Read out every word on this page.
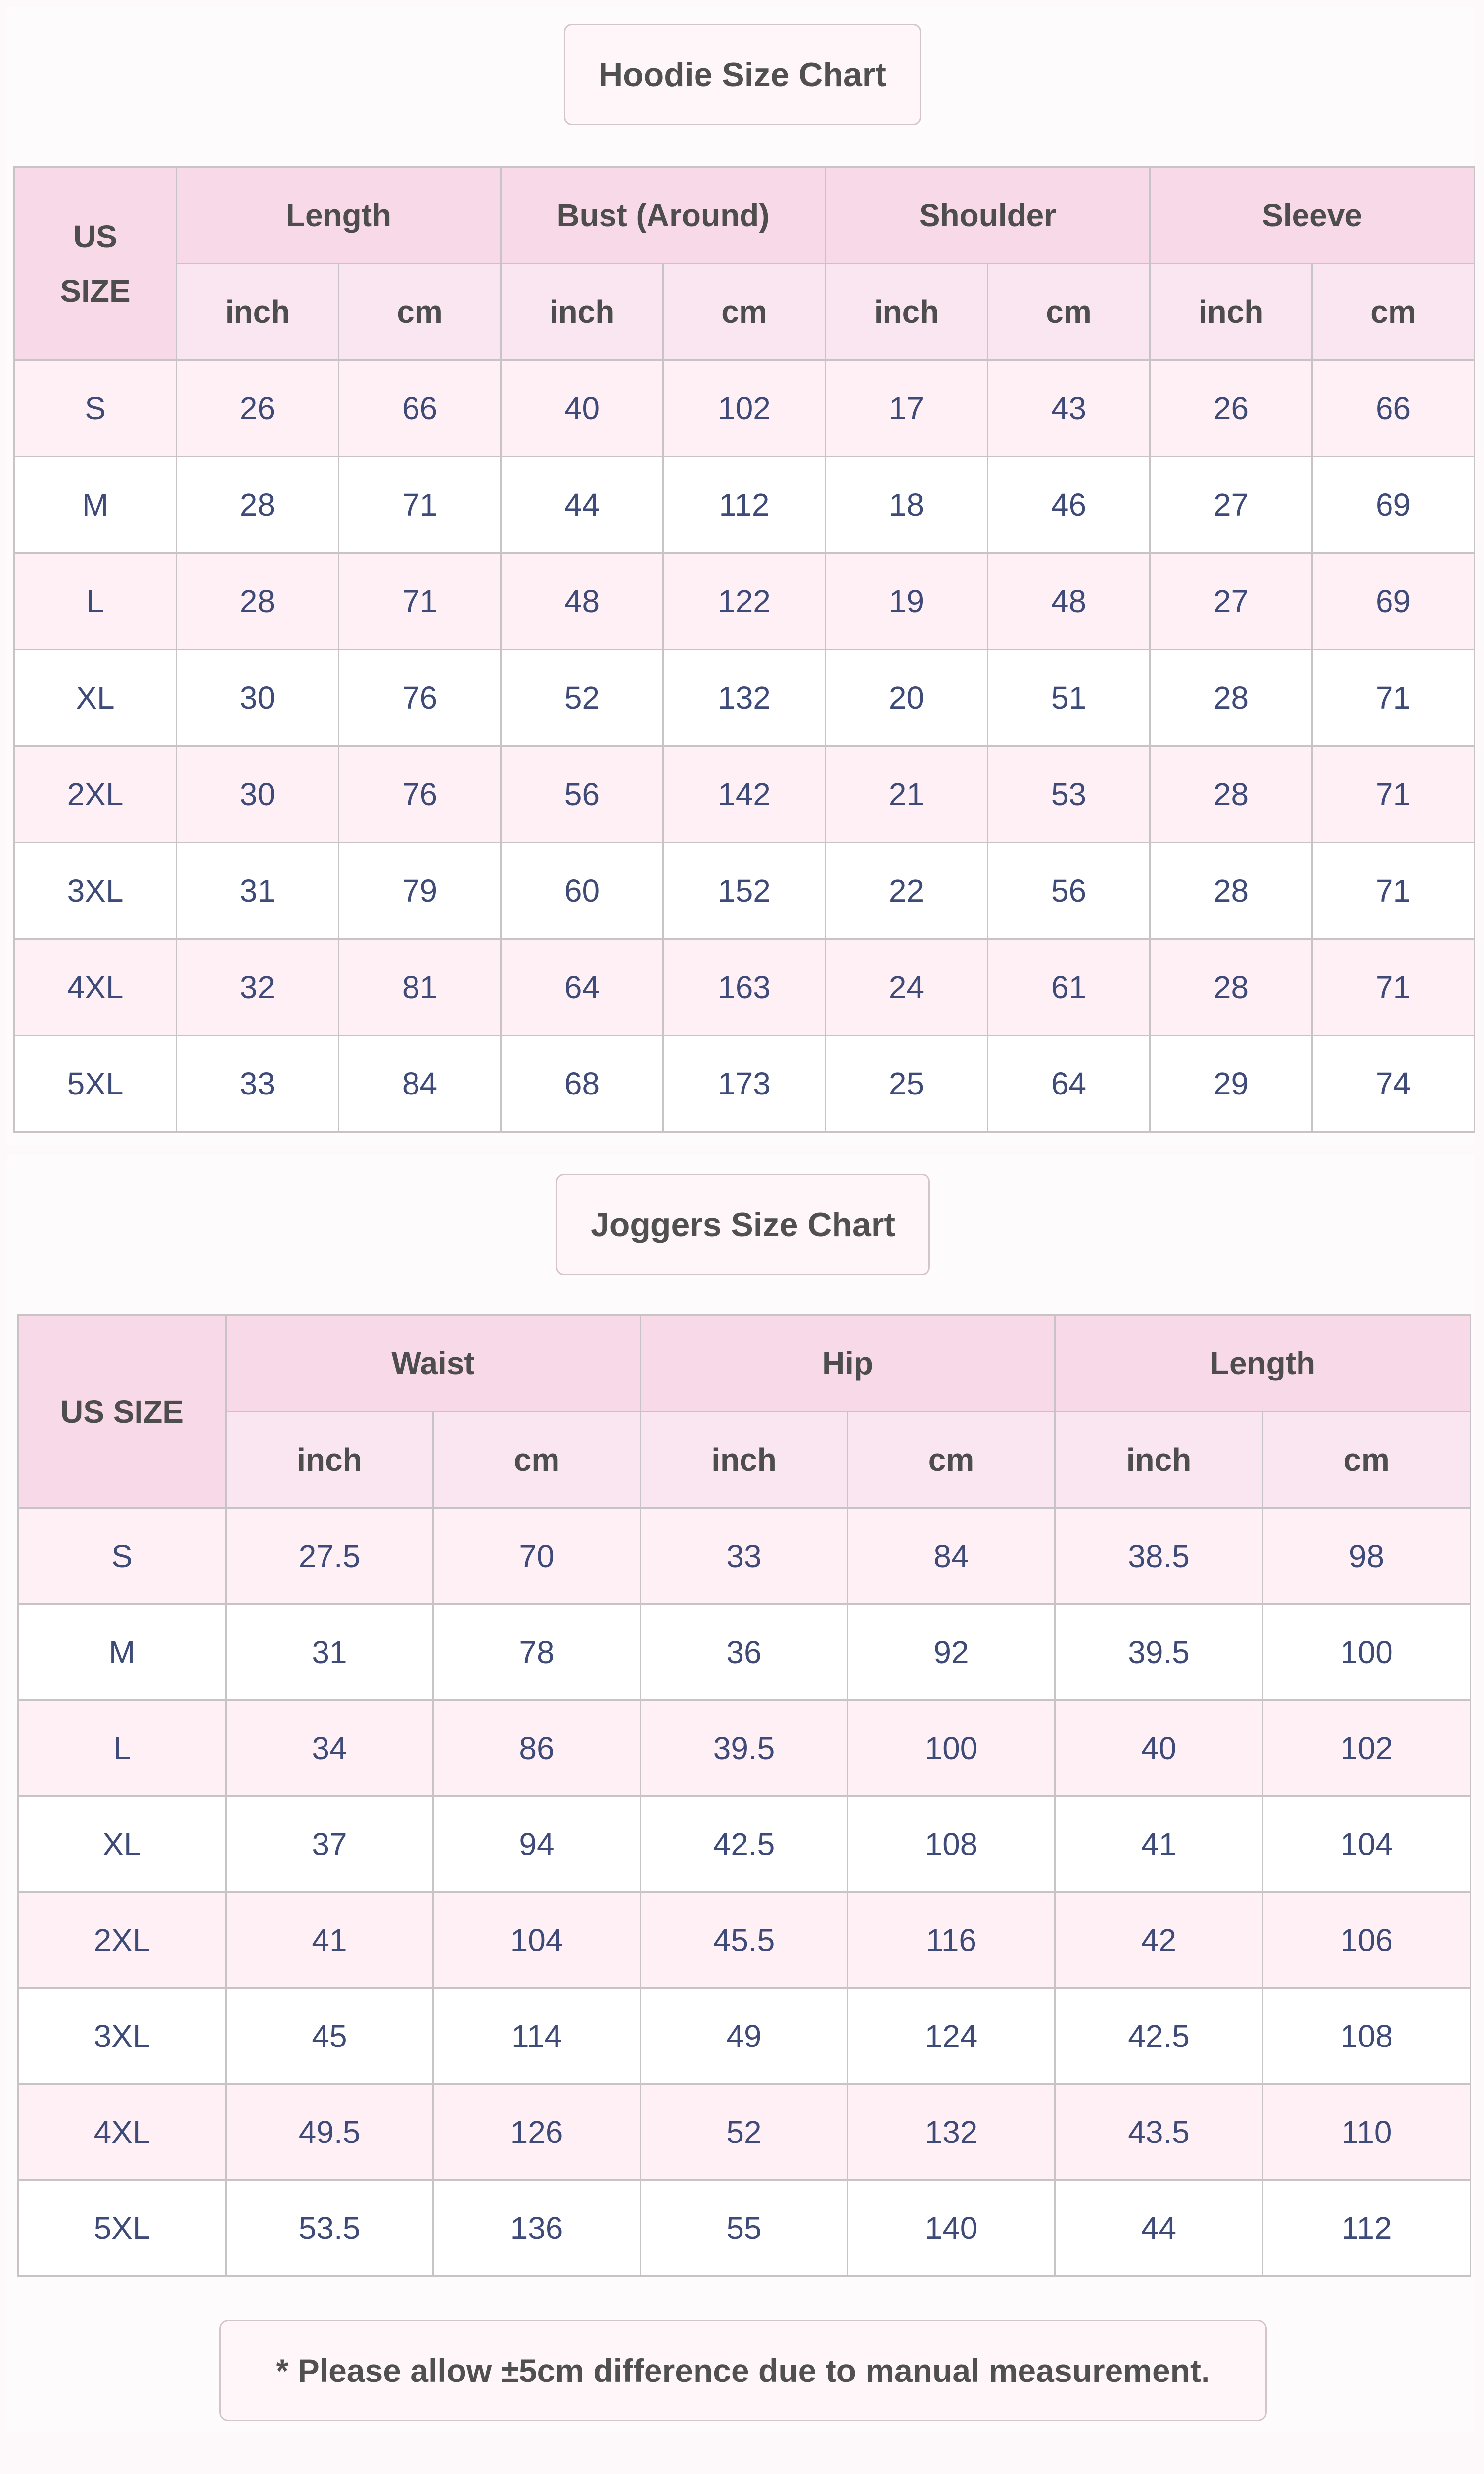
Hoodie Size Chart
US
SIZE	Length		Bust (Around)		Shoulder		Sleeve	
	inch	cm	inch	cm	inch	cm	inch	cm
S	26	66	40	102	17	43	26	66
M	28	71	44	112	18	46	27	69
L	28	71	48	122	19	48	27	69
XL	30	76	52	132	20	51	28	71
2XL	30	76	56	142	21	53	28	71
3XL	31	79	60	152	22	56	28	71
4XL	32	81	64	163	24	61	28	71
5XL	33	84	68	173	25	64	29	74
Joggers Size Chart
US SIZE	Waist		Hip		Length	
	inch	cm	inch	cm	inch	cm
S	27.5	70	33	84	38.5	98
M	31	78	36	92	39.5	100
L	34	86	39.5	100	40	102
XL	37	94	42.5	108	41	104
2XL	41	104	45.5	116	42	106
3XL	45	114	49	124	42.5	108
4XL	49.5	126	52	132	43.5	110
5XL	53.5	136	55	140	44	112
* Please allow ±5cm difference due to manual measurement.
